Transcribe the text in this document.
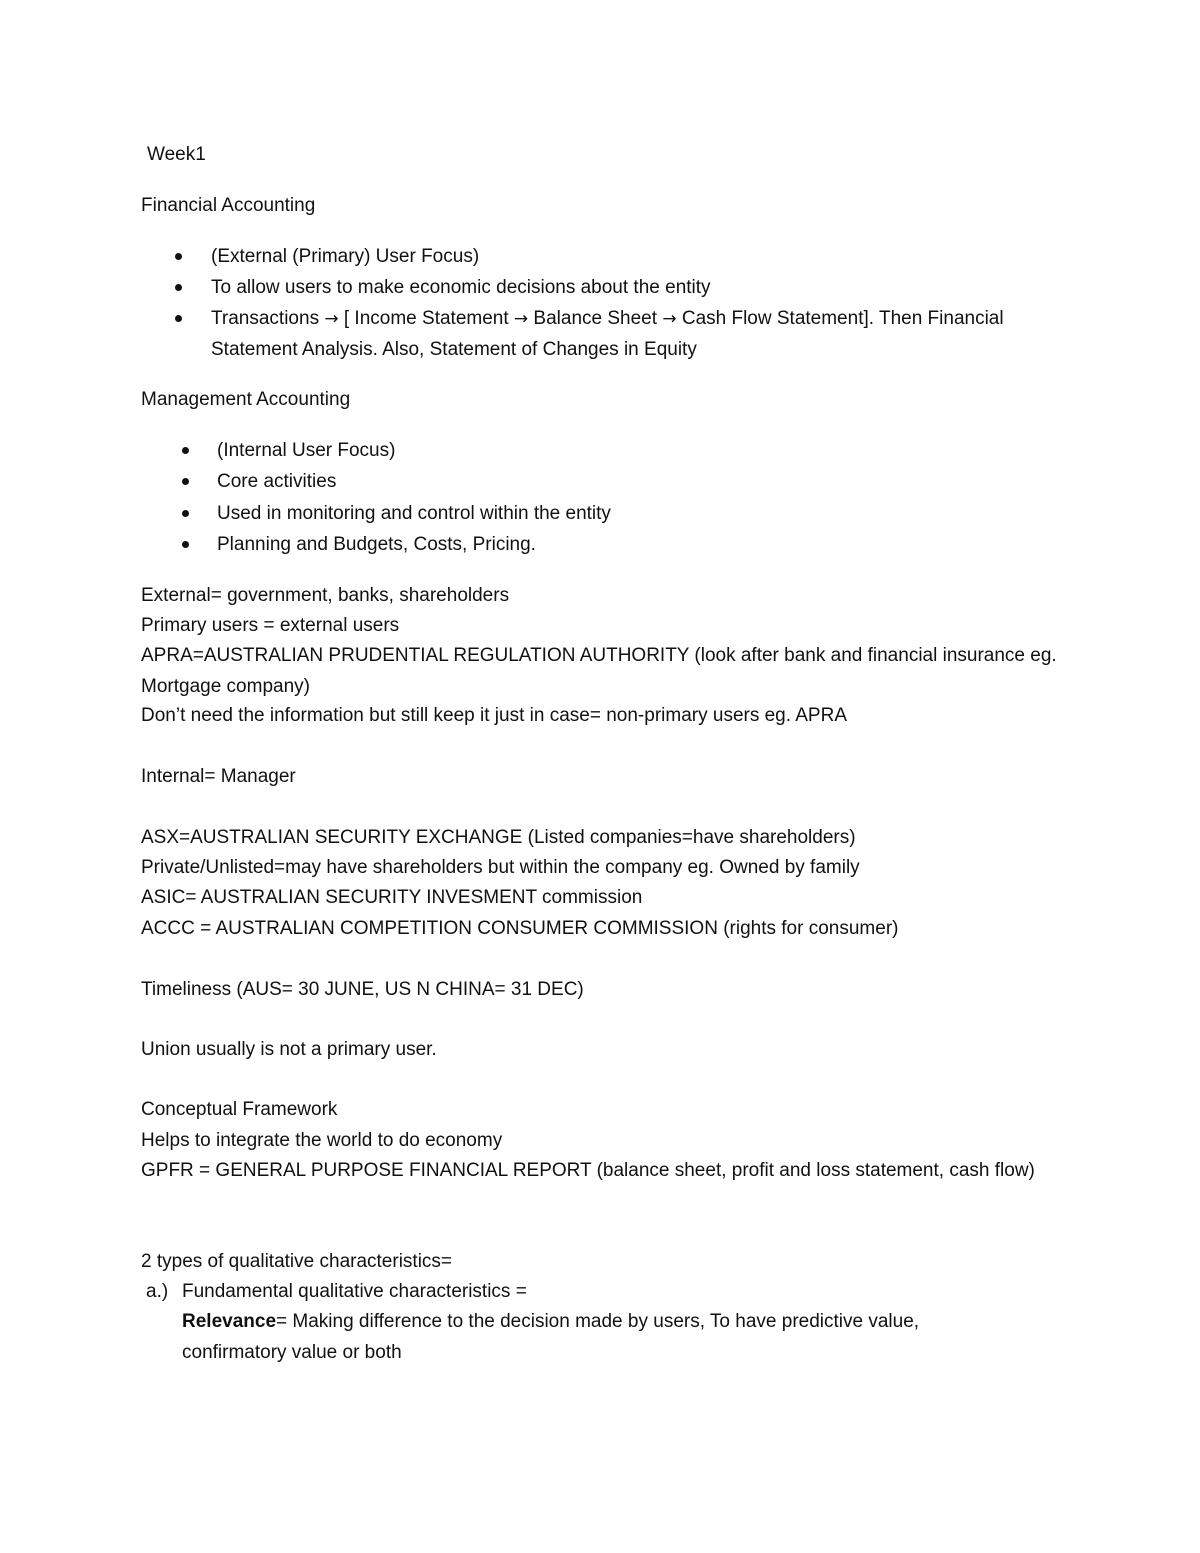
Week1
Financial Accounting
(External (Primary) User Focus)
To allow users to make economic decisions about the entity
Transactions → [ Income Statement → Balance Sheet → Cash Flow Statement]. Then Financial
Statement Analysis. Also, Statement of Changes in Equity
Management Accounting
(Internal User Focus)
Core activities
Used in monitoring and control within the entity
Planning and Budgets, Costs, Pricing.
External= government, banks, shareholders
Primary users = external users
APRA=AUSTRALIAN PRUDENTIAL REGULATION AUTHORITY (look after bank and financial insurance eg.
Mortgage company)
Don’t need the information but still keep it just in case= non-primary users eg. APRA
Internal= Manager
ASX=AUSTRALIAN SECURITY EXCHANGE (Listed companies=have shareholders)
Private/Unlisted=may have shareholders but within the company eg. Owned by family
ASIC= AUSTRALIAN SECURITY INVESMENT commission
ACCC = AUSTRALIAN COMPETITION CONSUMER COMMISSION (rights for consumer)
Timeliness (AUS= 30 JUNE, US N CHINA= 31 DEC)
Union usually is not a primary user.
Conceptual Framework
Helps to integrate the world to do economy
GPFR = GENERAL PURPOSE FINANCIAL REPORT (balance sheet, profit and loss statement, cash flow)
2 types of qualitative characteristics=
a.) Fundamental qualitative characteristics =
Relevance= Making difference to the decision made by users, To have predictive value,
confirmatory value or both
